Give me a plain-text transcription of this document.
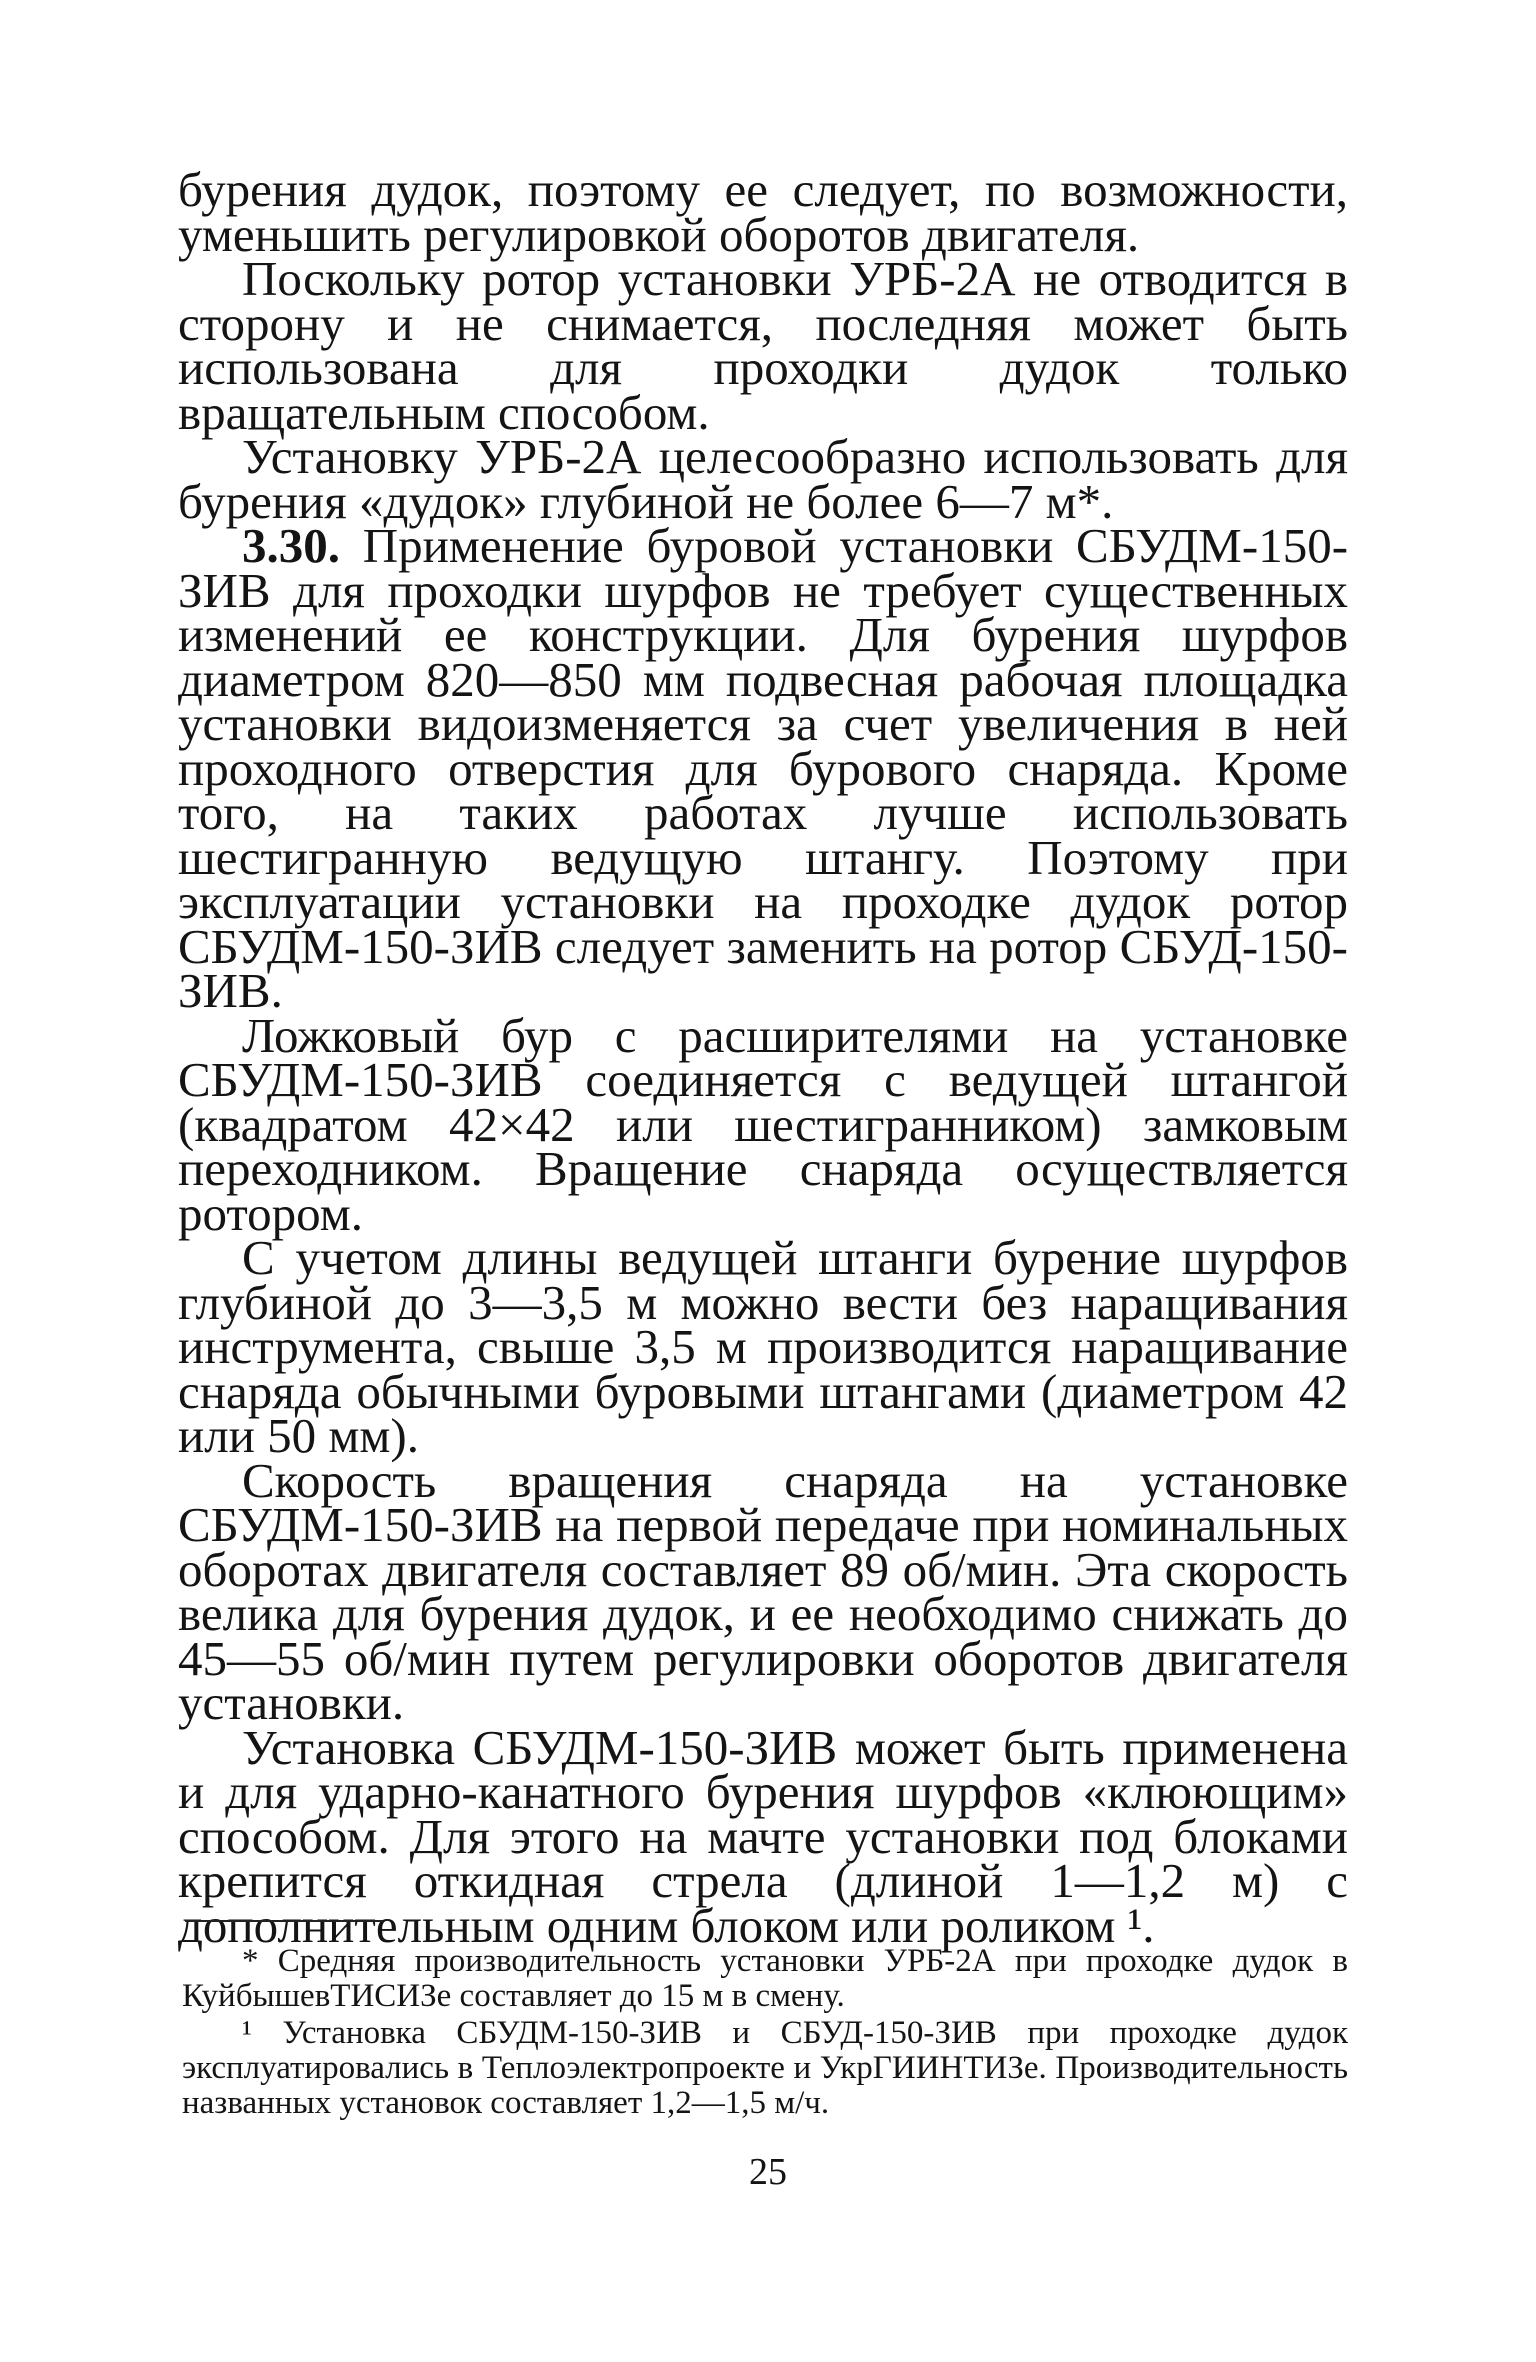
бурения дудок, поэтому ее следует, по возможности, уменьшить регулировкой оборотов двигателя.

Поскольку ротор установки УРБ-2А не отводится в сторону и не снимается, последняя может быть использована для проходки дудок только вращательным способом.

Установку УРБ-2А целесообразно использовать для бурения «дудок» глубиной не более 6—7 м*.

3.30. Применение буровой установки СБУДМ-150-ЗИВ для проходки шурфов не требует существенных изменений ее конструкции. Для бурения шурфов диаметром 820—850 мм подвесная рабочая площадка установки видоизменяется за счет увеличения в ней проходного отверстия для бурового снаряда. Кроме того, на таких работах лучше использовать шестигранную ведущую штангу. Поэтому при эксплуатации установки на проходке дудок ротор СБУДМ-150-ЗИВ следует заменить на ротор СБУД-150-ЗИВ.

Ложковый бур с расширителями на установке СБУДМ-150-ЗИВ соединяется с ведущей штангой (квадратом 42×42 или шестигранником) замковым переходником. Вращение снаряда осуществляется ротором.

С учетом длины ведущей штанги бурение шурфов глубиной до 3—3,5 м можно вести без наращивания инструмента, свыше 3,5 м производится наращивание снаряда обычными буровыми штангами (диаметром 42 или 50 мм).

Скорость вращения снаряда на установке СБУДМ-150-ЗИВ на первой передаче при номинальных оборотах двигателя составляет 89 об/мин. Эта скорость велика для бурения дудок, и ее необходимо снижать до 45—55 об/мин путем регулировки оборотов двигателя установки.

Установка СБУДМ-150-ЗИВ может быть применена и для ударно-канатного бурения шурфов «клюющим» способом. Для этого на мачте установки под блоками крепится откидная стрела (длиной 1—1,2 м) с дополнительным одним блоком или роликом ¹.

* Средняя производительность установки УРБ-2А при проходке дудок в КуйбышевТИСИЗе составляет до 15 м в смену.

¹ Установка СБУДМ-150-ЗИВ и СБУД-150-ЗИВ при проходке дудок эксплуатировались в Теплоэлектропроекте и УкрГИИНТИЗе. Производительность названных установок составляет 1,2—1,5 м/ч.

25
